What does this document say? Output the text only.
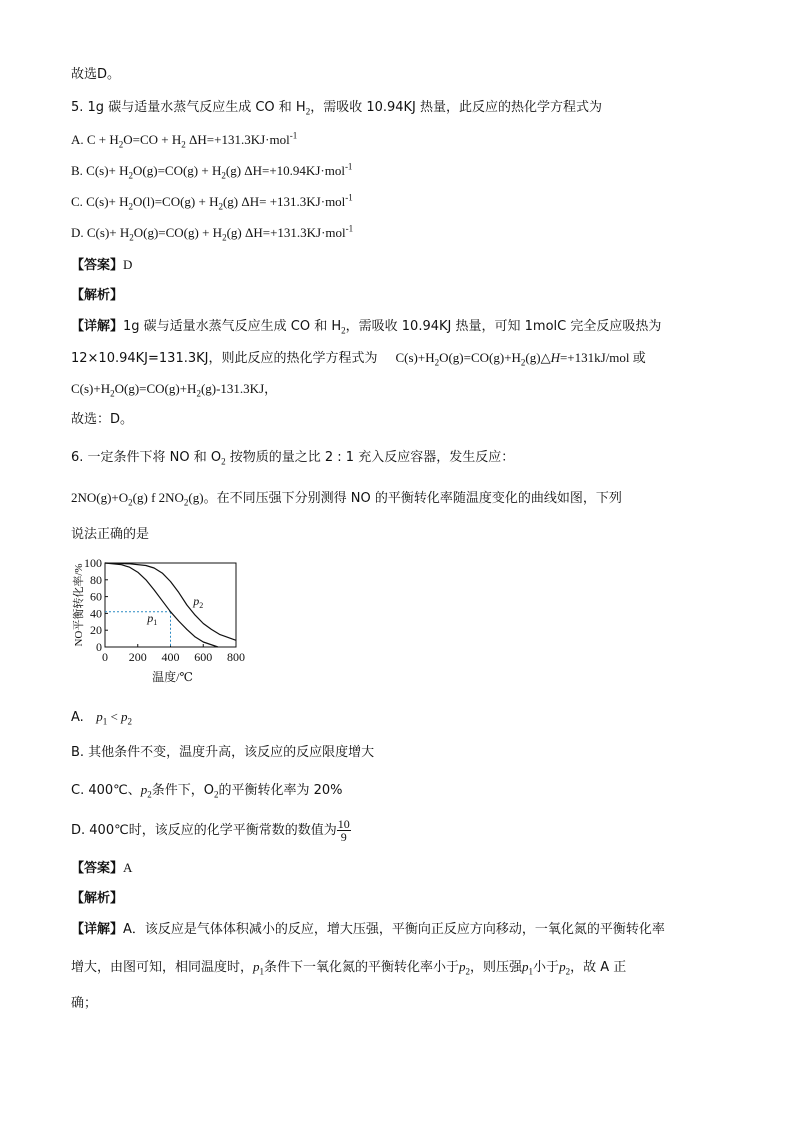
故选D。
5. 1g 碳与适量水蒸气反应生成 CO 和 $H_2$，需吸收 10.94KJ 热量，此反应的热化学方程式为
A. $C + H_2O=CO + H_2$ ΔH=+131.3KJ·mol$^{-1}$
B. $C(s)+ H_2O(g)=CO(g) + H_2(g)$ ΔH=+10.94KJ·mol$^{-1}$
C. $C(s)+ H_2O(l)=CO(g) + H_2(g)$ ΔH= +131.3KJ·mol$^{-1}$
D. $C(s)+ H_2O(g)=CO(g) + H_2(g)$ ΔH=+131.3KJ·mol$^{-1}$
【答案】D
【解析】
【详解】1g 碳与适量水蒸气反应生成 CO 和 $H_2$，需吸收 10.94KJ 热量，可知 1molC 完全反应吸热为
12×10.94KJ=131.3KJ，则此反应的热化学方程式为 $C(s)+H_2O(g)=CO(g)+H_2(g)\triangle H=+131kJ$/mol 或
$C(s)+H_2O(g)=CO(g)+H_2(g)-131.3KJ$，
故选：D。
6. 一定条件下将 NO 和 $O_2$ 按物质的量之比 2 : 1 充入反应容器，发生反应：
$2NO(g)+O_2(g)$ f $2NO_2(g)$。在不同压强下分别测得 NO 的平衡转化率随温度变化的曲线如图，下列
说法正确的是
100
80
60
40
20
0
0 200 400 600 800
温度/℃
NO平衡转化率/%	$p_1$
$p_2$
A. $p_1 < p_2$
B. 其他条件不变，温度升高，该反应的反应限度增大
C. 400℃、$p_2$条件下，$O_2$的平衡转化率为 20%
D. 400℃时，该反应的化学平衡常数的数值为 $\frac{10}{9}$
【答案】A
【解析】
【详解】A．该反应是气体体积减小的反应，增大压强，平衡向正反应方向移动，一氧化氮的平衡转化率
增大，由图可知，相同温度时，$p_1$条件下一氧化氮的平衡转化率小于$p_2$，则压强$p_1$小于$p_2$，故 A 正
确；
